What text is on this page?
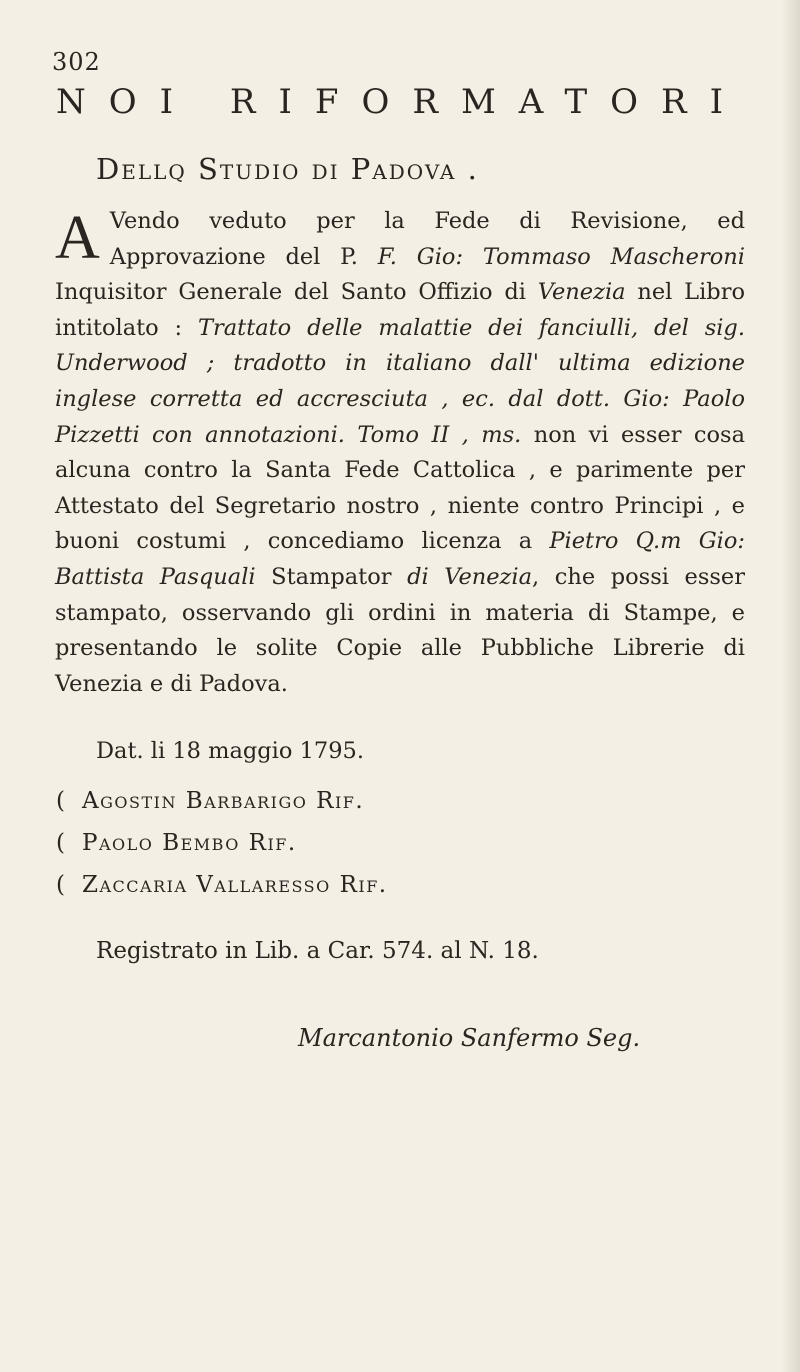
302
NOI RIFORMATORI
Dellq Studio di Padova .
A Vendo veduto per la Fede di Revisione, ed Approvazione del P. F. Gio: Tommaso Mascheroni Inquisitor Generale del Santo Offizio di Venezia nel Libro intitolato : Trattato delle malattie dei fanciulli, del sig. Underwood ; tradotto in italiano dall' ultima edizione inglese corretta ed accresciuta , ec. dal dott. Gio: Paolo Pizzetti con annotazioni. Tomo II , ms. non vi esser cosa alcuna contro la Santa Fede Cattolica , e parimente per Attestato del Segretario nostro , niente contro Principi , e buoni costumi , concediamo licenza a Pietro Q.m Gio: Battista Pasquali Stampator di Venezia, che possi esser stampato, osservando gli ordini in materia di Stampe, e presentando le solite Copie alle Pubbliche Librerie di Venezia e di Padova.
Dat. li 18 maggio 1795.
( Agostin Barbarigo Rif.
( Paolo Bembo Rif.
( Zaccaria Vallaresso Rif.
Registrato in Lib. a Car. 574. al N. 18.
Marcantonio Sanfermo Seg.
